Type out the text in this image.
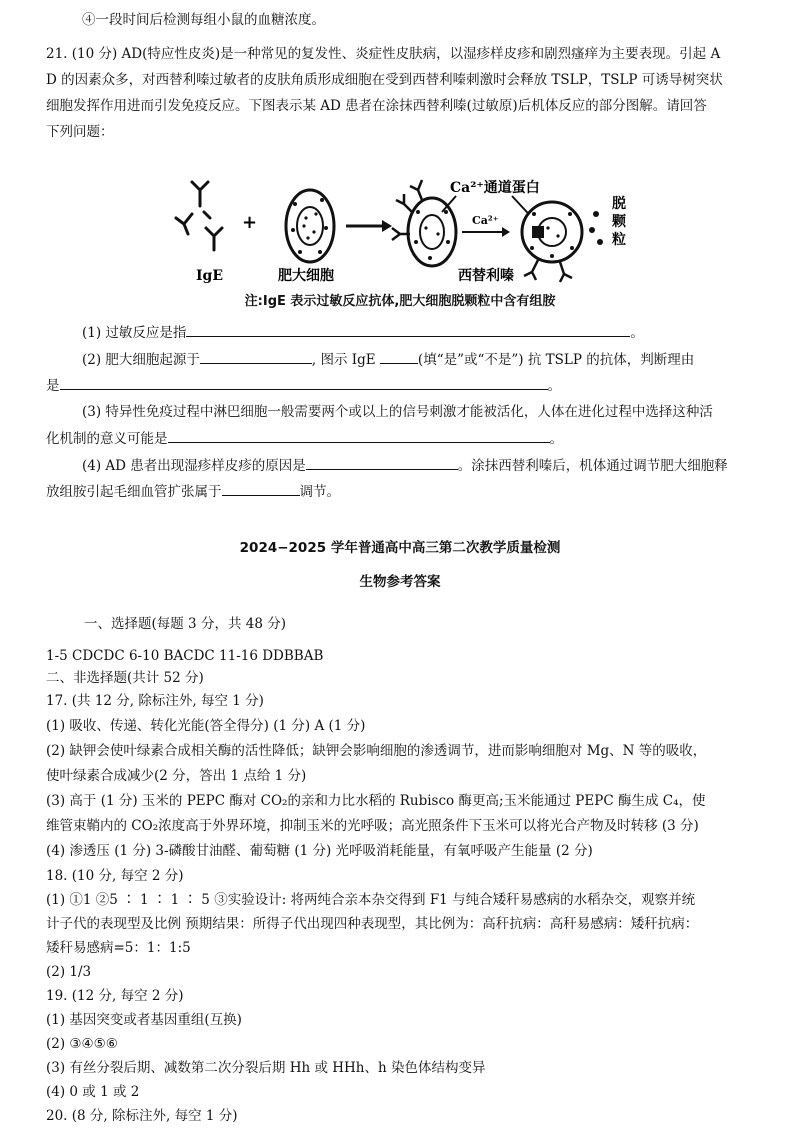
④一段时间后检测每组小鼠的血糖浓度。
21. (10 分) AD(特应性皮炎)是一种常见的复发性、炎症性皮肤病，以湿疹样皮疹和剧烈瘙痒为主要表现。引起 A
D 的因素众多，对西替利嗪过敏者的皮肤角质形成细胞在受到西替利嗪刺激时会释放 TSLP，TSLP 可诱导树突状
细胞发挥作用进而引发免疫反应。下图表示某 AD 患者在涂抹西替利嗪(过敏原)后机体反应的部分图解。请回答
下列问题：
IgE
+
肥大细胞
Ca²⁺
西替利嗪
Ca²⁺通道蛋白
脱 颗 粒
注:IgE 表示过敏反应抗体,肥大细胞脱颗粒中含有组胺
(1) 过敏反应是指	。
(2) 肥大细胞起源于	, 图示 IgE	(填“是”或“不是”) 抗 TSLP 的抗体，判断理由
是	。
(3) 特异性免疫过程中淋巴细胞一般需要两个或以上的信号刺激才能被活化，人体在进化过程中选择这种活
化机制的意义可能是	。
(4) AD 患者出现湿疹样皮疹的原因是	。涂抹西替利嗪后，机体通过调节肥大细胞释
放组胺引起毛细血管扩张属于	调节。
2024−2025 学年普通高中高三第二次教学质量检测
生物参考答案
一、选择题(每题 3 分，共 48 分)
1-5 CDCDC 6-10 BACDC 11-16 DDBBAB
二、非选择题(共计 52 分)
17. (共 12 分, 除标注外, 每空 1 分)
(1) 吸收、传递、转化光能(答全得分) (1 分) A (1 分)
(2) 缺钾会使叶绿素合成相关酶的活性降低；缺钾会影响细胞的渗透调节，进而影响细胞对 Mg、N 等的吸收，
使叶绿素合成减少(2 分，答出 1 点给 1 分)
(3) 高于 (1 分) 玉米的 PEPC 酶对 CO₂的亲和力比水稻的 Rubisco 酶更高;玉米能通过 PEPC 酶生成 C₄，使
维管束鞘内的 CO₂浓度高于外界环境，抑制玉米的光呼吸；高光照条件下玉米可以将光合产物及时转移 (3 分)
(4) 渗透压 (1 分) 3-磷酸甘油醛、葡萄糖 (1 分) 光呼吸消耗能量，有氧呼吸产生能量 (2 分)
18. (10 分, 每空 2 分)
(1) ①1 ②5 ∶ 1 ∶ 1 ∶ 5 ③实验设计: 将两纯合亲本杂交得到 F1 与纯合矮秆易感病的水稻杂交，观察并统
计子代的表现型及比例 预期结果：所得子代出现四种表现型，其比例为：高秆抗病：高秆易感病：矮秆抗病：
矮秆易感病=5：1：1:5
(2) 1/3
19. (12 分, 每空 2 分)
(1) 基因突变或者基因重组(互换)
(2) ③④⑤⑥
(3) 有丝分裂后期、减数第二次分裂后期 Hh 或 HHh、h 染色体结构变异
(4) 0 或 1 或 2
20. (8 分, 除标注外, 每空 1 分)
